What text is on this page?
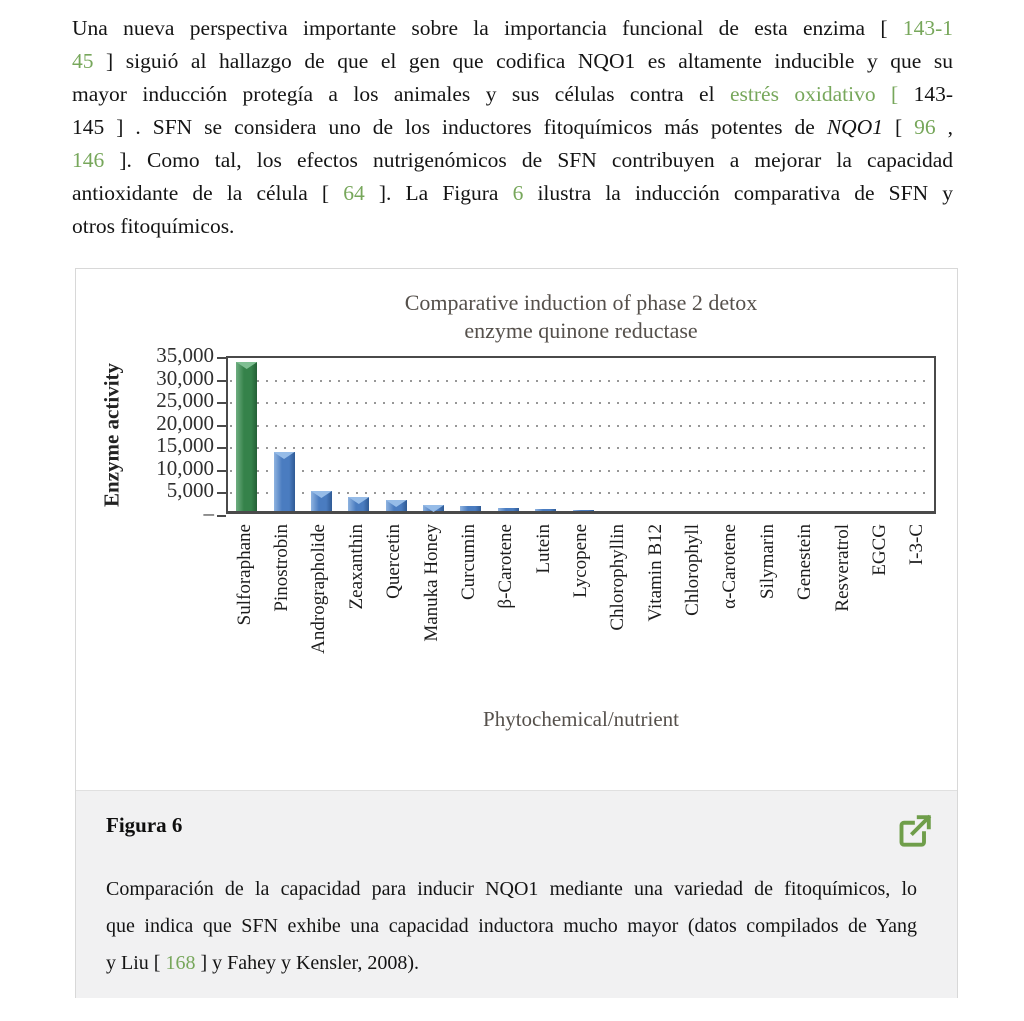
Una nueva perspectiva importante sobre la importancia funcional de esta enzima [ 143-1
45 ] siguió al hallazgo de que el gen que codifica NQO1 es altamente inducible y que su
mayor inducción protegía a los animales y sus células contra el estrés oxidativo [ 143-
145 ] . SFN se considera uno de los inductores fitoquímicos más potentes de NQO1 [ 96 ,
146 ]. Como tal, los efectos nutrigenómicos de SFN contribuyen a mejorar la capacidad
antioxidante de la célula [ 64 ]. La Figura 6 ilustra la inducción comparativa de SFN y
otros fitoquímicos.
Comparative induction of phase 2 detox
enzyme quinone reductase
Enzyme activity
Phytochemical/nutrient
35,000
30,000
25,000
20,000
15,000
10,000
5,000
–
Sulforaphane Pinostrobin Andrographolide Zeaxanthin Quercetin Manuka Honey Curcumin β-Carotene Lutein Lycopene Chlorophyllin Vitamin B12 Chlorophyll α-Carotene Silymarin Genestein Resveratrol EGCG I-3-C
Figura 6
Comparación de la capacidad para inducir NQO1 mediante una variedad de fitoquímicos, lo
que indica que SFN exhibe una capacidad inductora mucho mayor (datos compilados de Yang
y Liu [ 168 ] y Fahey y Kensler, 2008).
